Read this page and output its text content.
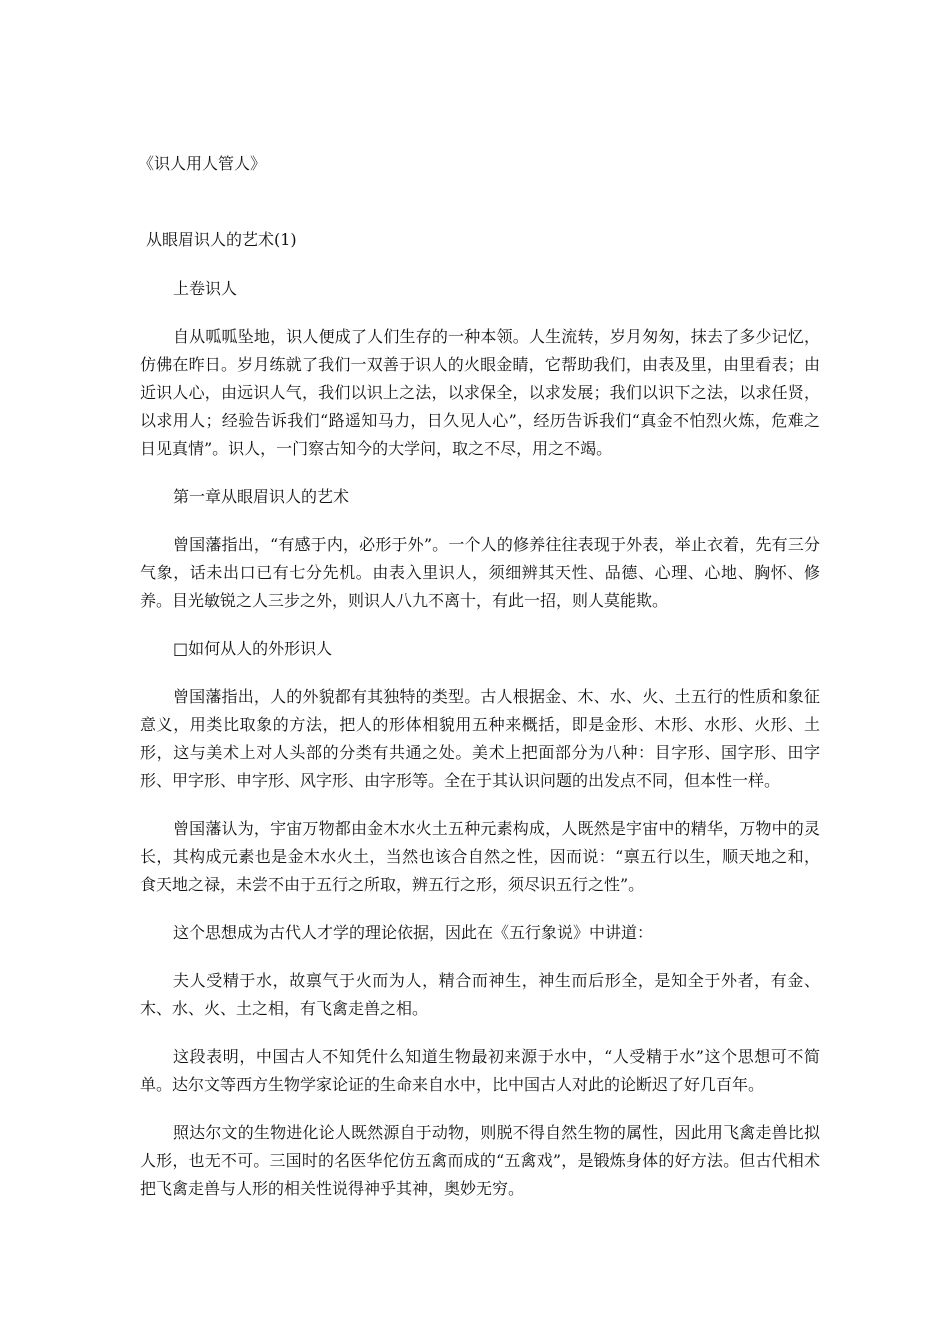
《识人用人管人》
从眼眉识人的艺术(1)

上卷识人

自从呱呱坠地，识人便成了人们生存的一种本领。人生流转，岁月匆匆，抹去了多少记忆，仿佛在昨日。岁月练就了我们一双善于识人的火眼金睛，它帮助我们，由表及里，由里看表；由近识人心，由远识人气，我们以识上之法，以求保全，以求发展；我们以识下之法，以求任贤，以求用人；经验告诉我们“路遥知马力，日久见人心”，经历告诉我们“真金不怕烈火炼，危难之日见真情”。识人，一门察古知今的大学问，取之不尽，用之不竭。

第一章从眼眉识人的艺术

曾国藩指出，“有感于内，必形于外”。一个人的修养往往表现于外表，举止衣着，先有三分气象，话未出口已有七分先机。由表入里识人，须细辨其天性、品德、心理、心地、胸怀、修养。目光敏锐之人三步之外，则识人八九不离十，有此一招，则人莫能欺。

□如何从人的外形识人

曾国藩指出，人的外貌都有其独特的类型。古人根据金、木、水、火、土五行的性质和象征意义，用类比取象的方法，把人的形体相貌用五种来概括，即是金形、木形、水形、火形、土形，这与美术上对人头部的分类有共通之处。美术上把面部分为八种：目字形、国字形、田字形、甲字形、申字形、风字形、由字形等。全在于其认识问题的出发点不同，但本性一样。

曾国藩认为，宇宙万物都由金木水火土五种元素构成，人既然是宇宙中的精华，万物中的灵长，其构成元素也是金木水火土，当然也该合自然之性，因而说：“禀五行以生，顺天地之和，食天地之禄，未尝不由于五行之所取，辨五行之形，须尽识五行之性”。

这个思想成为古代人才学的理论依据，因此在《五行象说》中讲道：

夫人受精于水，故禀气于火而为人，精合而神生，神生而后形全，是知全于外者，有金、木、水、火、土之相，有飞禽走兽之相。

这段表明，中国古人不知凭什么知道生物最初来源于水中，“人受精于水”这个思想可不简单。达尔文等西方生物学家论证的生命来自水中，比中国古人对此的论断迟了好几百年。

照达尔文的生物进化论人既然源自于动物，则脱不得自然生物的属性，因此用飞禽走兽比拟人形，也无不可。三国时的名医华佗仿五禽而成的“五禽戏”，是锻炼身体的好方法。但古代相术把飞禽走兽与人形的相关性说得神乎其神，奥妙无穷。
